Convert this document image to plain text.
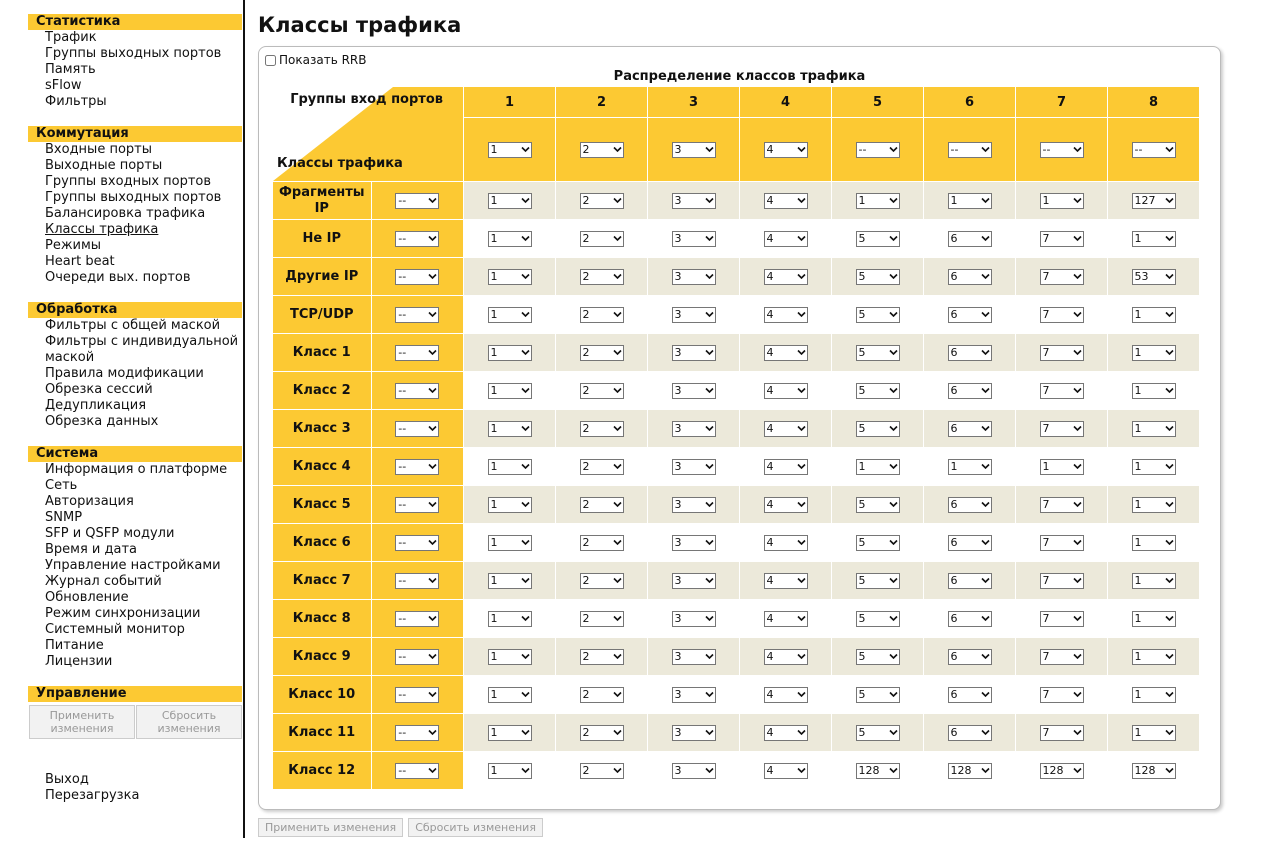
Статистика
Трафик
Группы выходных портов
Память
sFlow
Фильтры
Коммутация
Входные порты
Выходные порты
Группы входных портов
Группы выходных портов
Балансировка трафика
Классы трафика
Режимы
Heart beat
Очереди вых. портов
Обработка
Фильтры с общей маской
Фильтры с индивидуальной маской
Правила модификации
Обрезка сессий
Дедупликация
Обрезка данных
Система
Информация о платформе
Сеть
Авторизация
SNMP
SFP и QSFP модули
Время и дата
Управление настройками
Журнал событий
Обновление
Режим синхронизации
Системный монитор
Питание
Лицензии
Управление
Применить изменения
Сбросить изменения
Выход
Перезагрузка
Классы трафика
Показать RRB
Распределение классов трафика
Группы вход портов
Классы трафика		1	2	3	4	5	6	7	8

		1	2	3	4	--	--	--	--

Фрагменты IP	--	1	2	3	4	1	1	1	127

Не IP	--	1	2	3	4	5	6	7	1

Другие IP	--	1	2	3	4	5	6	7	53

TCP/UDP	--	1	2	3	4	5	6	7	1

Класс 1	--	1	2	3	4	5	6	7	1

Класс 2	--	1	2	3	4	5	6	7	1

Класс 3	--	1	2	3	4	5	6	7	1

Класс 4	--	1	2	3	4	1	1	1	1

Класс 5	--	1	2	3	4	5	6	7	1

Класс 6	--	1	2	3	4	5	6	7	1

Класс 7	--	1	2	3	4	5	6	7	1

Класс 8	--	1	2	3	4	5	6	7	1

Класс 9	--	1	2	3	4	5	6	7	1

Класс 10	--	1	2	3	4	5	6	7	1

Класс 11	--	1	2	3	4	5	6	7	1

Класс 12	--	1	2	3	4	128	128	128	128
Применить изменения	Сбросить изменения
